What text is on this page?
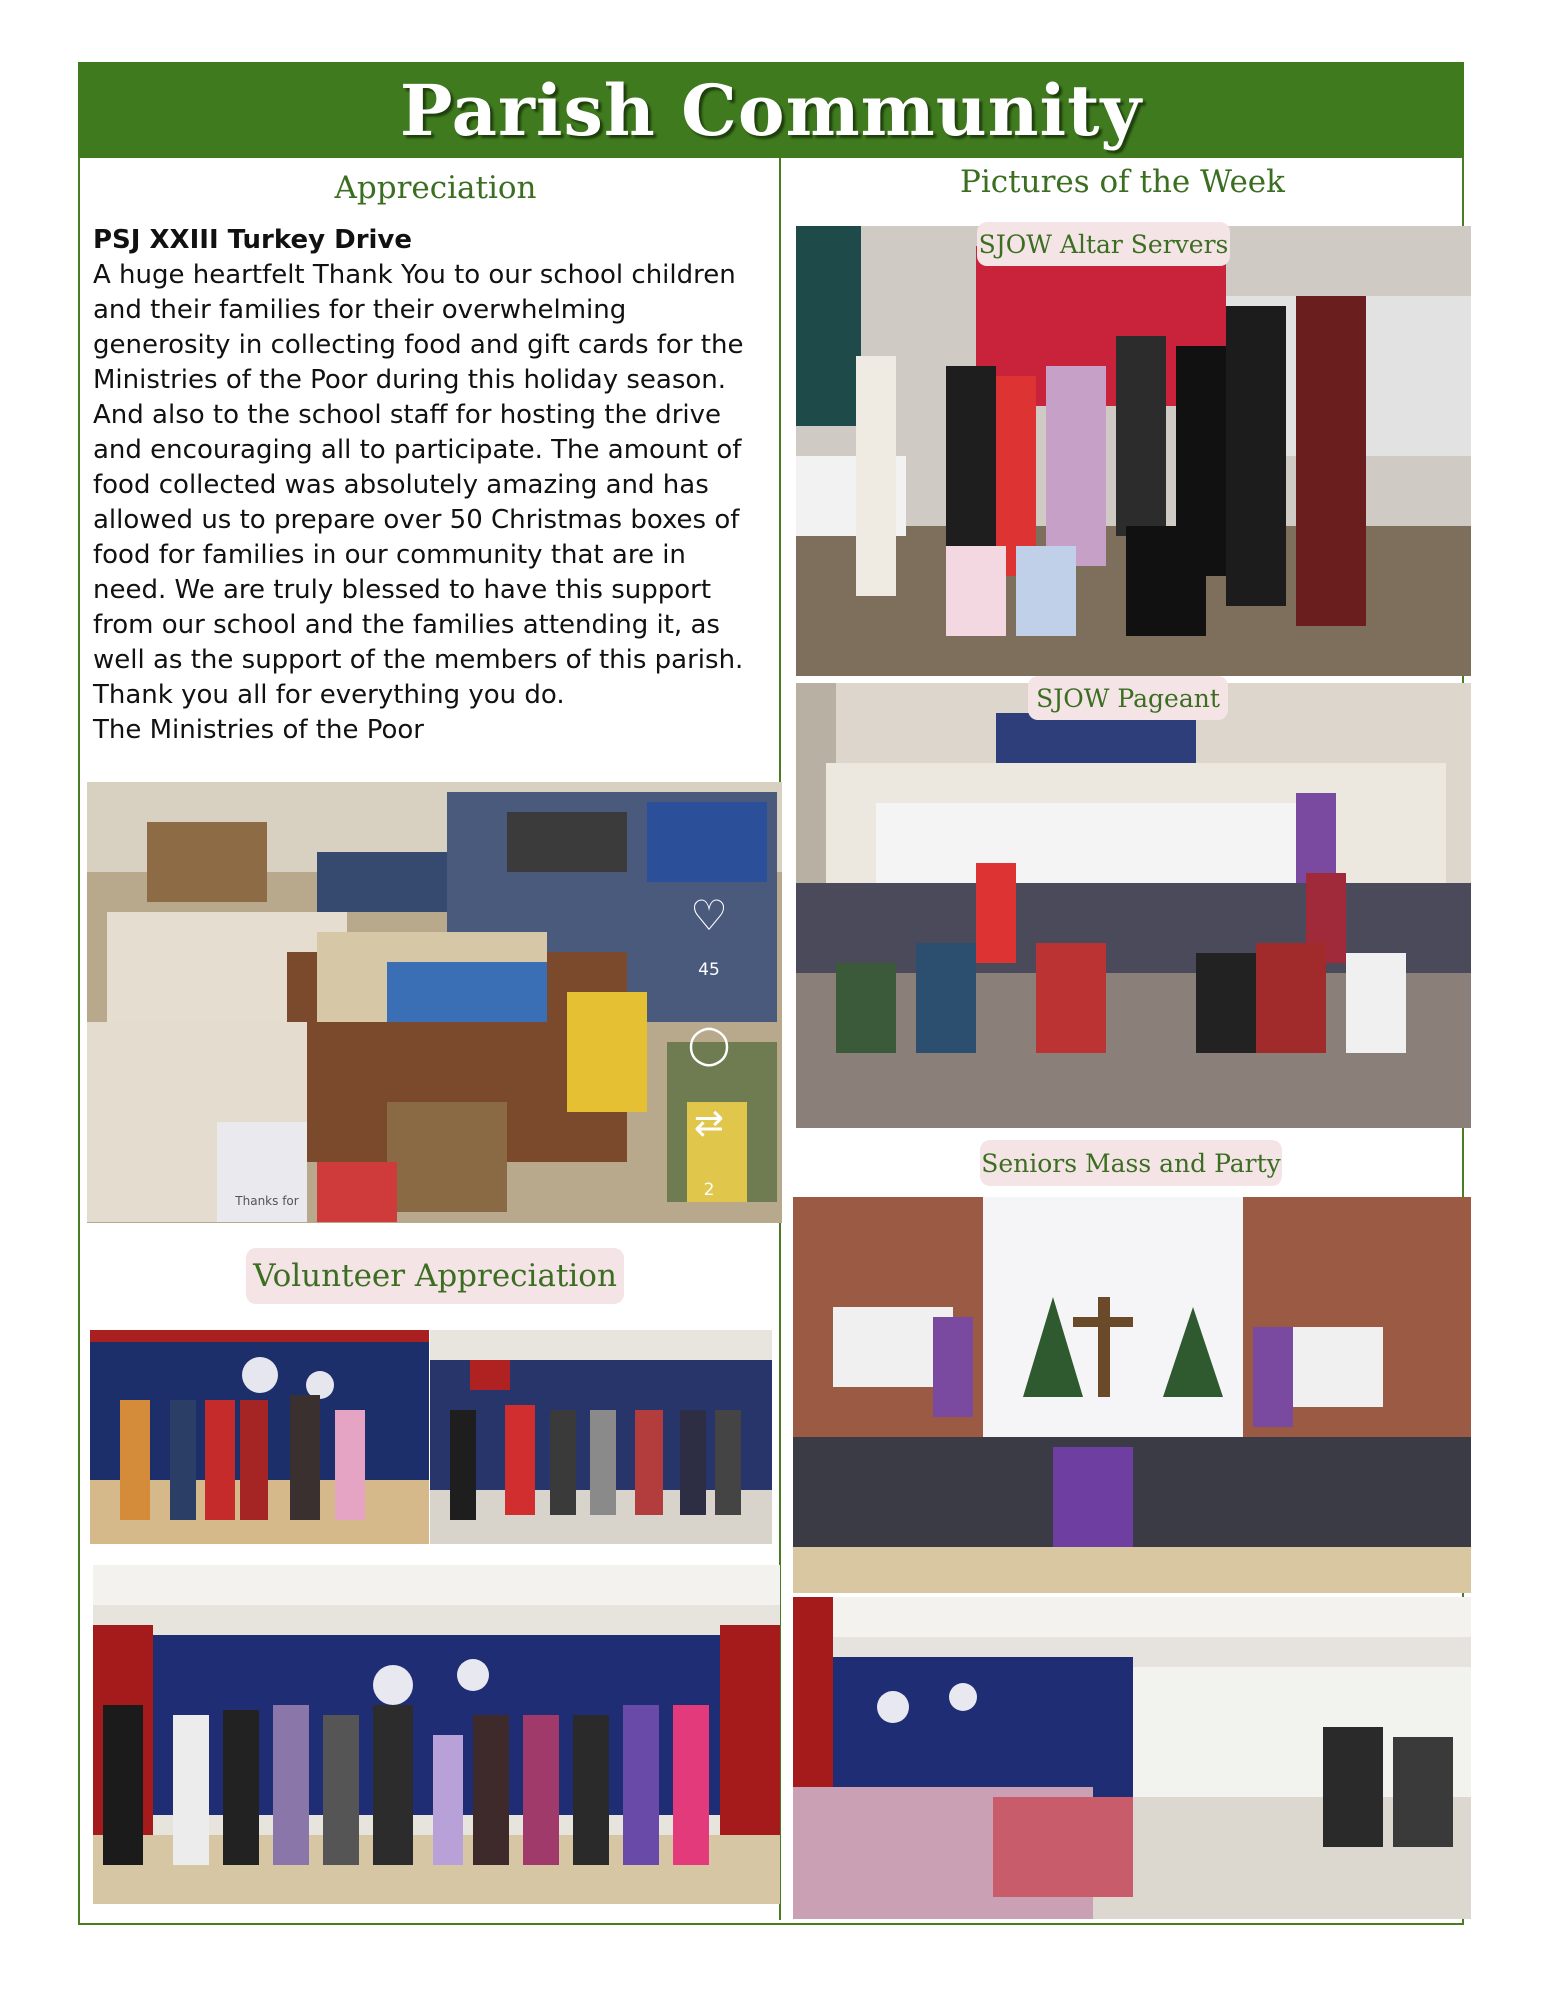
Parish Community
Appreciation

PSJ XXIII Turkey Drive

A huge heartfelt Thank You to our school children

and their families for their overwhelming

generosity in collecting food and gift cards for the

Ministries of the Poor during this holiday season.

And also to the school staff for hosting the drive

and encouraging all to participate. The amount of

food collected was absolutely amazing and has

allowed us to prepare over 50 Christmas boxes of

food for families in our community that are in

need. We are truly blessed to have this support

from our school and the families attending it, as

well as the support of the members of this parish.

Thank you all for everything you do.

The Ministries of the Poor

♡
45
◯
⇄
2
Thanks for
Volunteer Appreciation
Pictures of the Week
SJOW Altar Servers
SJOW Pageant
Seniors Mass and Party
